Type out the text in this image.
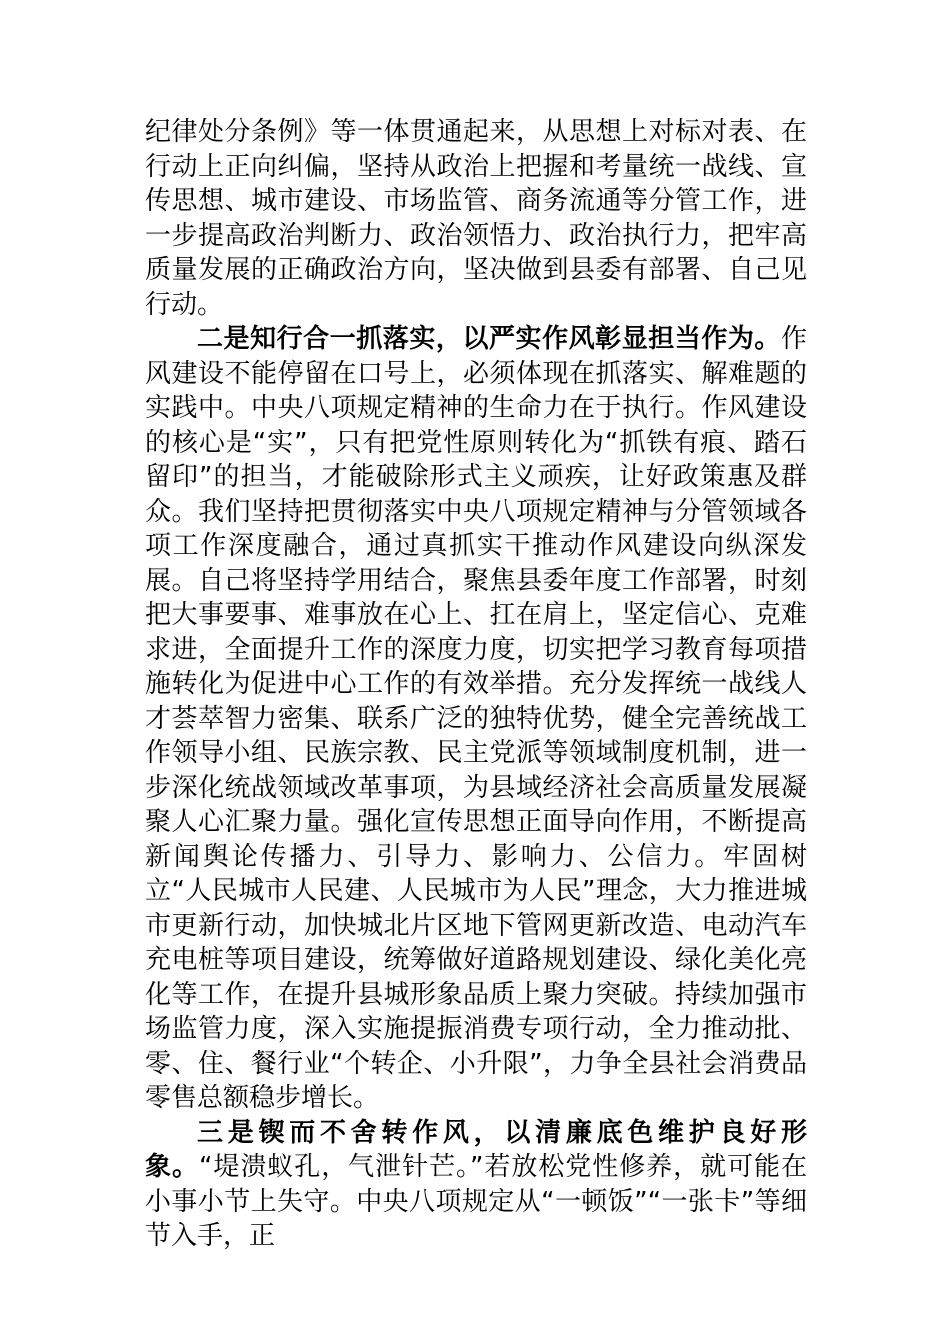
纪律处分条例》等一体贯通起来，从思想上对标对表、在行动上正向纠偏，坚持从政治上把握和考量统一战线、宣传思想、城市建设、市场监管、商务流通等分管工作，进一步提高政治判断力、政治领悟力、政治执行力，把牢高质量发展的正确政治方向，坚决做到县委有部署、自己见行动。

二是知行合一抓落实，以严实作风彰显担当作为。作风建设不能停留在口号上，必须体现在抓落实、解难题的实践中。中央八项规定精神的生命力在于执行。作风建设的核心是“实”，只有把党性原则转化为“抓铁有痕、踏石留印”的担当，才能破除形式主义顽疾，让好政策惠及群众。我们坚持把贯彻落实中央八项规定精神与分管领域各项工作深度融合，通过真抓实干推动作风建设向纵深发展。自己将坚持学用结合，聚焦县委年度工作部署，时刻把大事要事、难事放在心上、扛在肩上，坚定信心、克难求进，全面提升工作的深度力度，切实把学习教育每项措施转化为促进中心工作的有效举措。充分发挥统一战线人才荟萃智力密集、联系广泛的独特优势，健全完善统战工作领导小组、民族宗教、民主党派等领域制度机制，进一步深化统战领域改革事项，为县域经济社会高质量发展凝聚人心汇聚力量。强化宣传思想正面导向作用，不断提高新闻舆论传播力、引导力、影响力、公信力。牢固树立“人民城市人民建、人民城市为人民”理念，大力推进城市更新行动，加快城北片区地下管网更新改造、电动汽车充电桩等项目建设，统筹做好道路规划建设、绿化美化亮化等工作，在提升县城形象品质上聚力突破。持续加强市场监管力度，深入实施提振消费专项行动，全力推动批、零、住、餐行业“个转企、小升限”，力争全县社会消费品零售总额稳步增长。

三是锲而不舍转作风，以清廉底色维护良好形象。“堤溃蚁孔，气泄针芒。”若放松党性修养，就可能在小事小节上失守。中央八项规定从“一顿饭”“一张卡”等细节入手，正
